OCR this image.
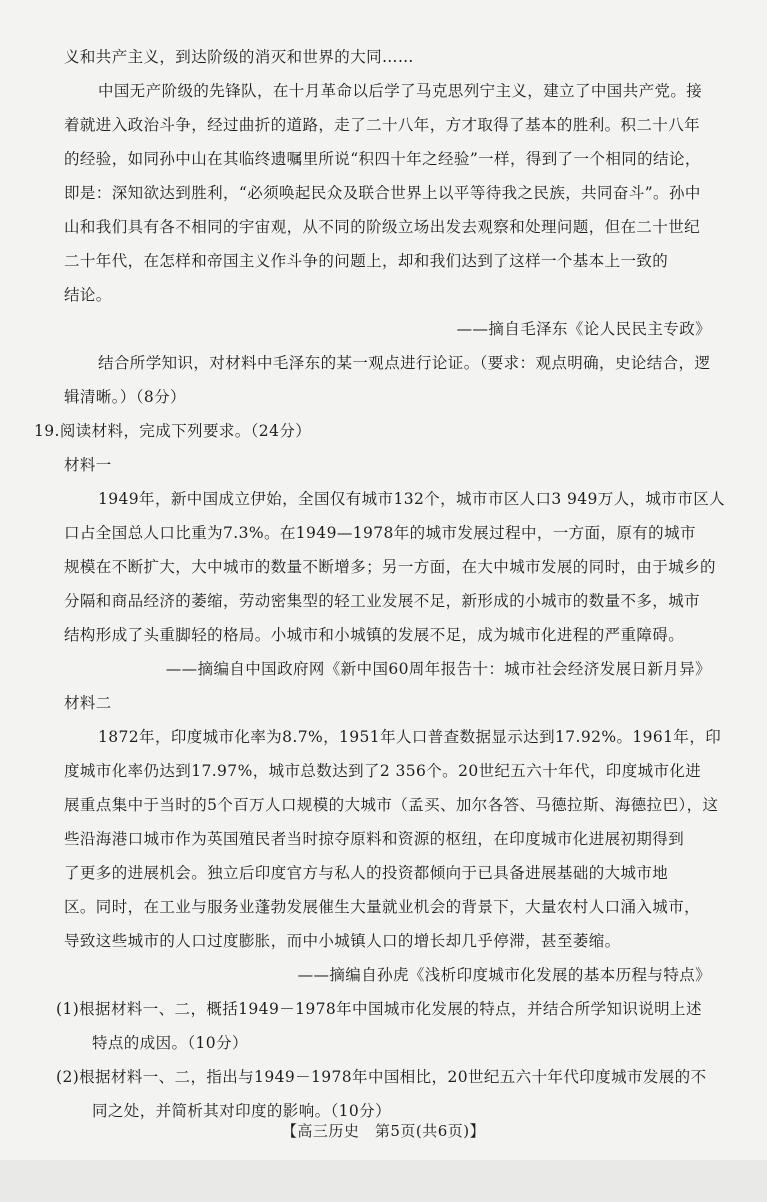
义和共产主义，到达阶级的消灭和世界的大同……

中国无产阶级的先锋队，在十月革命以后学了马克思列宁主义，建立了中国共产党。接

着就进入政治斗争，经过曲折的道路，走了二十八年，方才取得了基本的胜利。积二十八年

的经验，如同孙中山在其临终遗嘱里所说“积四十年之经验”一样，得到了一个相同的结论，

即是：深知欲达到胜利，“必须唤起民众及联合世界上以平等待我之民族，共同奋斗”。孙中

山和我们具有各不相同的宇宙观，从不同的阶级立场出发去观察和处理问题，但在二十世纪

二十年代，在怎样和帝国主义作斗争的问题上，却和我们达到了这样一个基本上一致的

结论。

——摘自毛泽东《论人民民主专政》

结合所学知识，对材料中毛泽东的某一观点进行论证。（要求：观点明确，史论结合，逻

辑清晰。）（8分）

19.阅读材料，完成下列要求。（24分）

材料一

1949年，新中国成立伊始，全国仅有城市132个，城市市区人口3 949万人，城市市区人

口占全国总人口比重为7.3%。在1949—1978年的城市发展过程中，一方面，原有的城市

规模在不断扩大，大中城市的数量不断增多；另一方面，在大中城市发展的同时，由于城乡的

分隔和商品经济的萎缩，劳动密集型的轻工业发展不足，新形成的小城市的数量不多，城市

结构形成了头重脚轻的格局。小城市和小城镇的发展不足，成为城市化进程的严重障碍。

——摘编自中国政府网《新中国60周年报告十：城市社会经济发展日新月异》

材料二

1872年，印度城市化率为8.7%，1951年人口普查数据显示达到17.92%。1961年，印

度城市化率仍达到17.97%，城市总数达到了2 356个。20世纪五六十年代，印度城市化进

展重点集中于当时的5个百万人口规模的大城市（孟买、加尔各答、马德拉斯、海德拉巴），这

些沿海港口城市作为英国殖民者当时掠夺原料和资源的枢纽，在印度城市化进展初期得到

了更多的进展机会。独立后印度官方与私人的投资都倾向于已具备进展基础的大城市地

区。同时，在工业与服务业蓬勃发展催生大量就业机会的背景下，大量农村人口涌入城市，

导致这些城市的人口过度膨胀，而中小城镇人口的增长却几乎停滞，甚至萎缩。

——摘编自孙虎《浅析印度城市化发展的基本历程与特点》

(1)根据材料一、二，概括1949－1978年中国城市化发展的特点，并结合所学知识说明上述

特点的成因。（10分）

(2)根据材料一、二，指出与1949－1978年中国相比，20世纪五六十年代印度城市发展的不

同之处，并简析其对印度的影响。（10分）

【高三历史　第5页(共6页)】
